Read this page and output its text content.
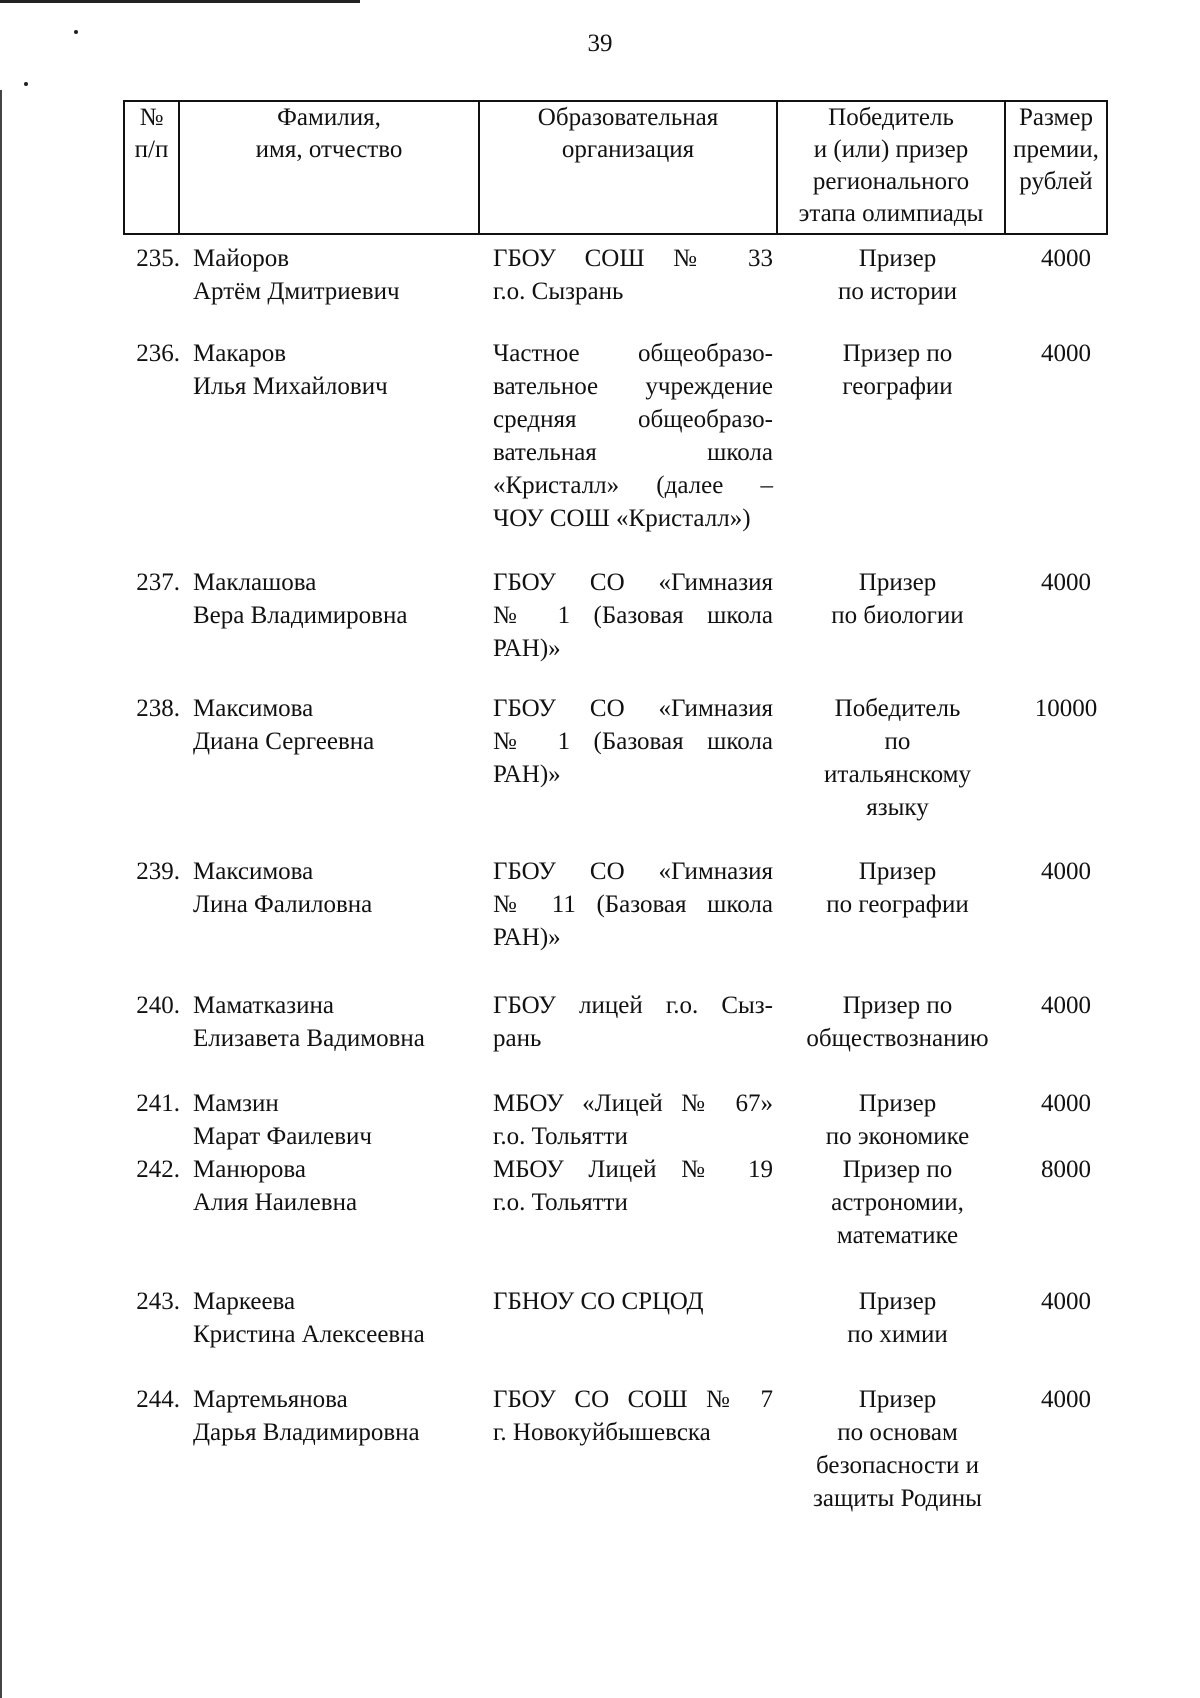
39
№
п/п
Фамилия,
имя, отчество
Образовательная
организация
Победитель
и (или) призер
регионального
этапа олимпиады
Размер
премии,
рублей
235. Майоров
Артём Дмитриевич
ГБОУ СОШ № 33
г.о. Сызрань
Призер
по истории
4000
236. Макаров
Илья Михайлович
Частное общеобразо-
вательное учреждение
средняя общеобразо-
вательная школа
«Кристалл» (далее –
ЧОУ СОШ «Кристалл»)
Призер по
географии
4000
237. Маклашова
Вера Владимировна
ГБОУ СО «Гимназия
№ 1 (Базовая школа
РАН)»
Призер
по биологии
4000
238. Максимова
Диана Сергеевна
ГБОУ СО «Гимназия
№ 1 (Базовая школа
РАН)»
Победитель
по
итальянскому
языку
10000
239. Максимова
Лина Фалиловна
ГБОУ СО «Гимназия
№ 11 (Базовая школа
РАН)»
Призер
по географии
4000
240. Маматказина
Елизавета Вадимовна
ГБОУ лицей г.о. Сыз-
рань
Призер по
обществознанию
4000
241. Мамзин
Марат Фаилевич
МБОУ «Лицей № 67»
г.о. Тольятти
Призер
по экономике
4000
242. Манюрова
Алия Наилевна
МБОУ Лицей № 19
г.о. Тольятти
Призер по
астрономии,
математике
8000
243. Маркеева
Кристина Алексеевна
ГБНОУ СО СРЦОД	Призер
по химии
4000
244. Мартемьянова
Дарья Владимировна
ГБОУ СО СОШ № 7
г. Новокуйбышевска
Призер
по основам
безопасности и
защиты Родины
4000
